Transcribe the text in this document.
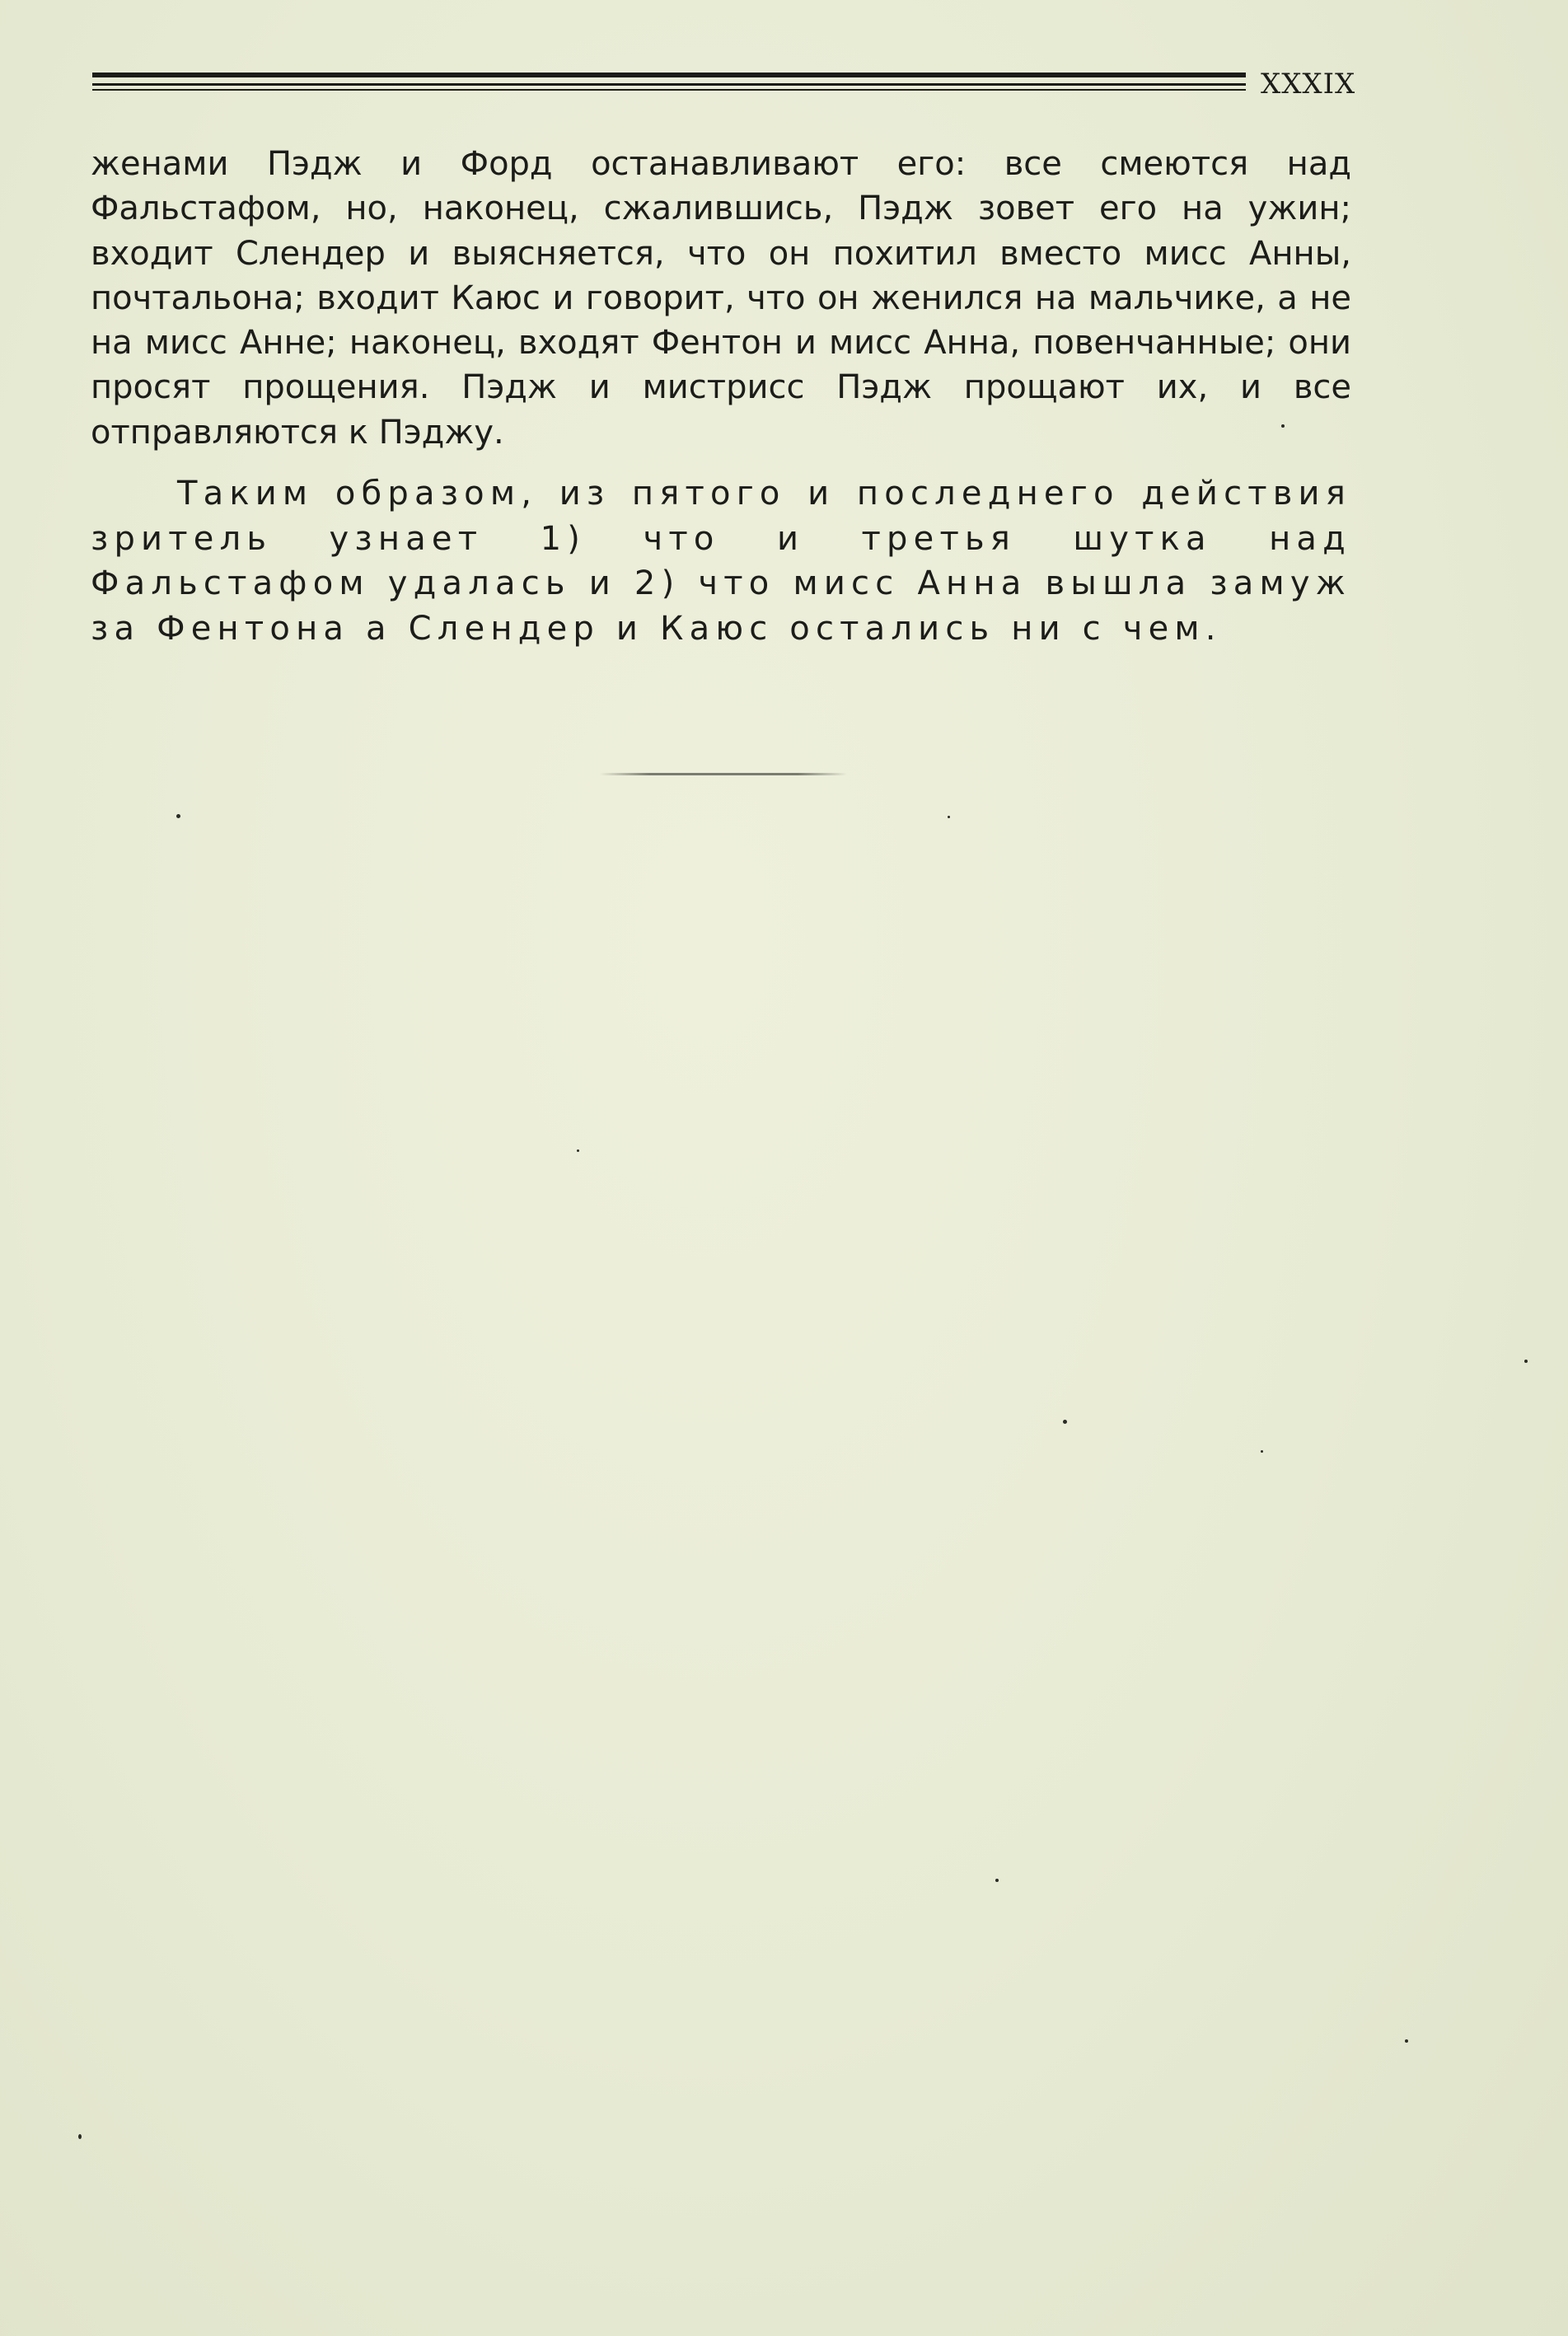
XXXIX

женами Пэдж и Форд останавливают его: все смеются над Фальстафом, но, наконец, сжалившись, Пэдж зовет его на ужин; входит Слендер и выясняется, что он похитил вместо мисс Анны, почтальона; входит Каюс и говорит, что он женился на мальчике, а не на мисс Анне; наконец, входят Фентон и мисс Анна, повенчанные; они просят прощения. Пэдж и мистрисс Пэдж прощают их, и все отправляются к Пэджу.

Таким образом, из пятого и последнего действия зритель узнает 1) что и третья шутка над Фальстафом удалась и 2) что мисс Анна вышла замуж за Фентона а Слендер и Каюс остались ни с чем.
